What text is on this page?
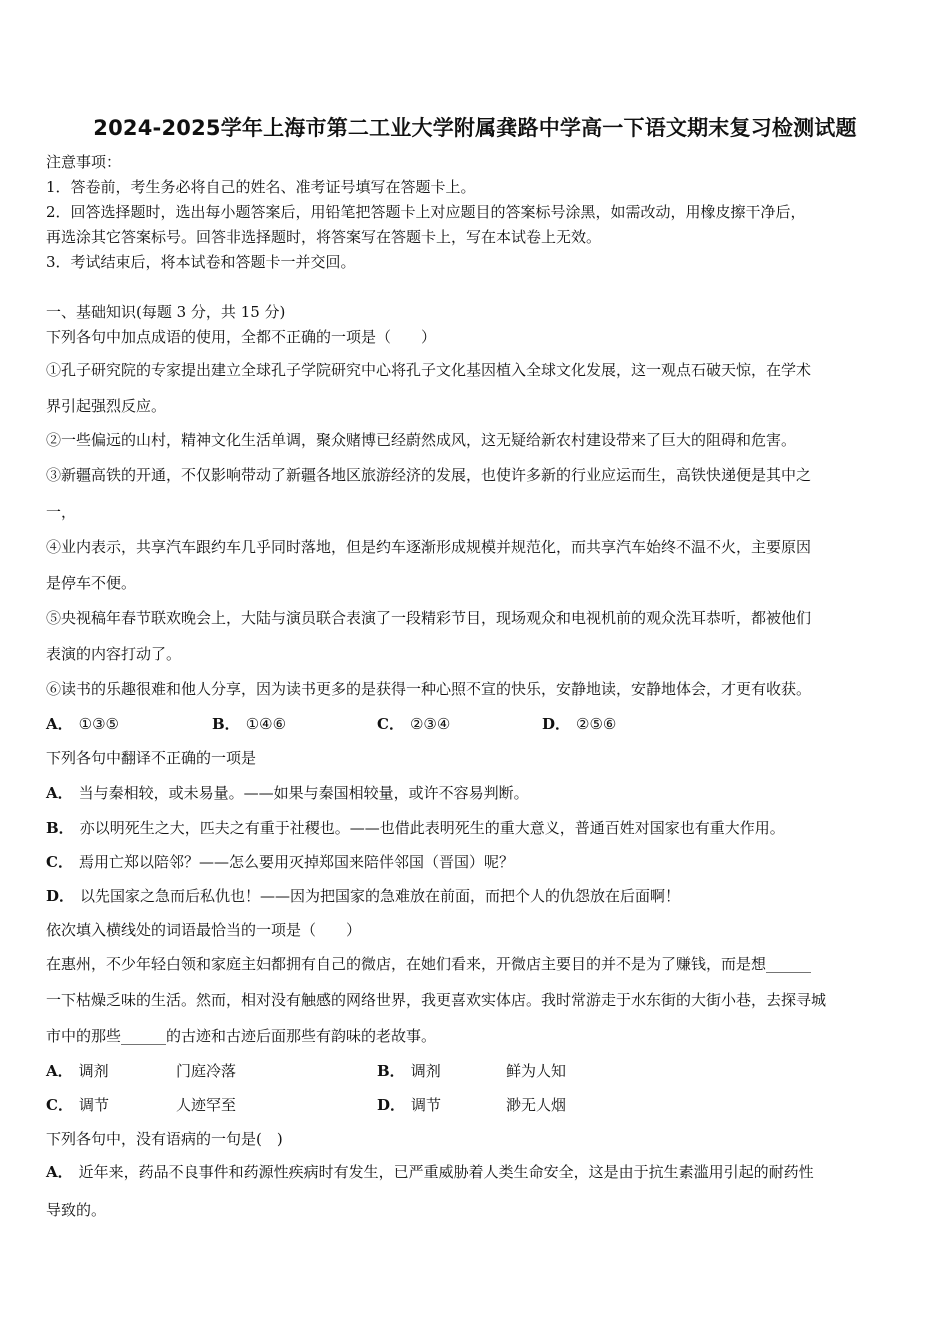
2024-2025学年上海市第二工业大学附属龚路中学高一下语文期末复习检测试题
注意事项：
1．答卷前，考生务必将自己的姓名、准考证号填写在答题卡上。
2．回答选择题时，选出每小题答案后，用铅笔把答题卡上对应题目的答案标号涂黑，如需改动，用橡皮擦干净后，
再选涂其它答案标号。回答非选择题时，将答案写在答题卡上，写在本试卷上无效。
3．考试结束后，将本试卷和答题卡一并交回。
一、基础知识(每题 3 分，共 15 分)
下列各句中加点成语的使用，全都不正确的一项是（　　）
①孔子研究院的专家提出建立全球孔子学院研究中心将孔子文化基因植入全球文化发展，这一观点石破天惊，在学术
界引起强烈反应。
②一些偏远的山村，精神文化生活单调，聚众赌博已经蔚然成风，这无疑给新农村建设带来了巨大的阻碍和危害。
③新疆高铁的开通，不仅影响带动了新疆各地区旅游经济的发展，也使许多新的行业应运而生，高铁快递便是其中之
一，
④业内表示，共享汽车跟约车几乎同时落地，但是约车逐渐形成规模并规范化，而共享汽车始终不温不火，主要原因
是停车不便。
⑤央视稿年春节联欢晚会上，大陆与演员联合表演了一段精彩节目，现场观众和电视机前的观众洗耳恭听，都被他们
表演的内容打动了。
⑥读书的乐趣很难和他人分享，因为读书更多的是获得一种心照不宣的快乐，安静地读，安静地体会，才更有收获。
A． ①③⑤	B． ①④⑥	C． ②③④	D． ②⑤⑥
下列各句中翻译不正确的一项是
A． 当与秦相较，或未易量。——如果与秦国相较量，或许不容易判断。
B． 亦以明死生之大，匹夫之有重于社稷也。——也借此表明死生的重大意义，普通百姓对国家也有重大作用。
C． 焉用亡郑以陪邻？——怎么要用灭掉郑国来陪伴邻国（晋国）呢？
D． 以先国家之急而后私仇也！——因为把国家的急难放在前面，而把个人的仇怨放在后面啊！
依次填入横线处的词语最恰当的一项是（　　）
在惠州，不少年轻白领和家庭主妇都拥有自己的微店，在她们看来，开微店主要目的并不是为了赚钱，而是想______
一下枯燥乏味的生活。然而，相对没有触感的网络世界，我更喜欢实体店。我时常游走于水东街的大街小巷，去探寻城
市中的那些______的古迹和古迹后面那些有韵味的老故事。
A． 调剂	门庭冷落	B． 调剂	鲜为人知
C． 调节	人迹罕至	D． 调节	渺无人烟
下列各句中，没有语病的一句是(　)
A． 近年来，药品不良事件和药源性疾病时有发生，已严重威胁着人类生命安全，这是由于抗生素滥用引起的耐药性
导致的。
